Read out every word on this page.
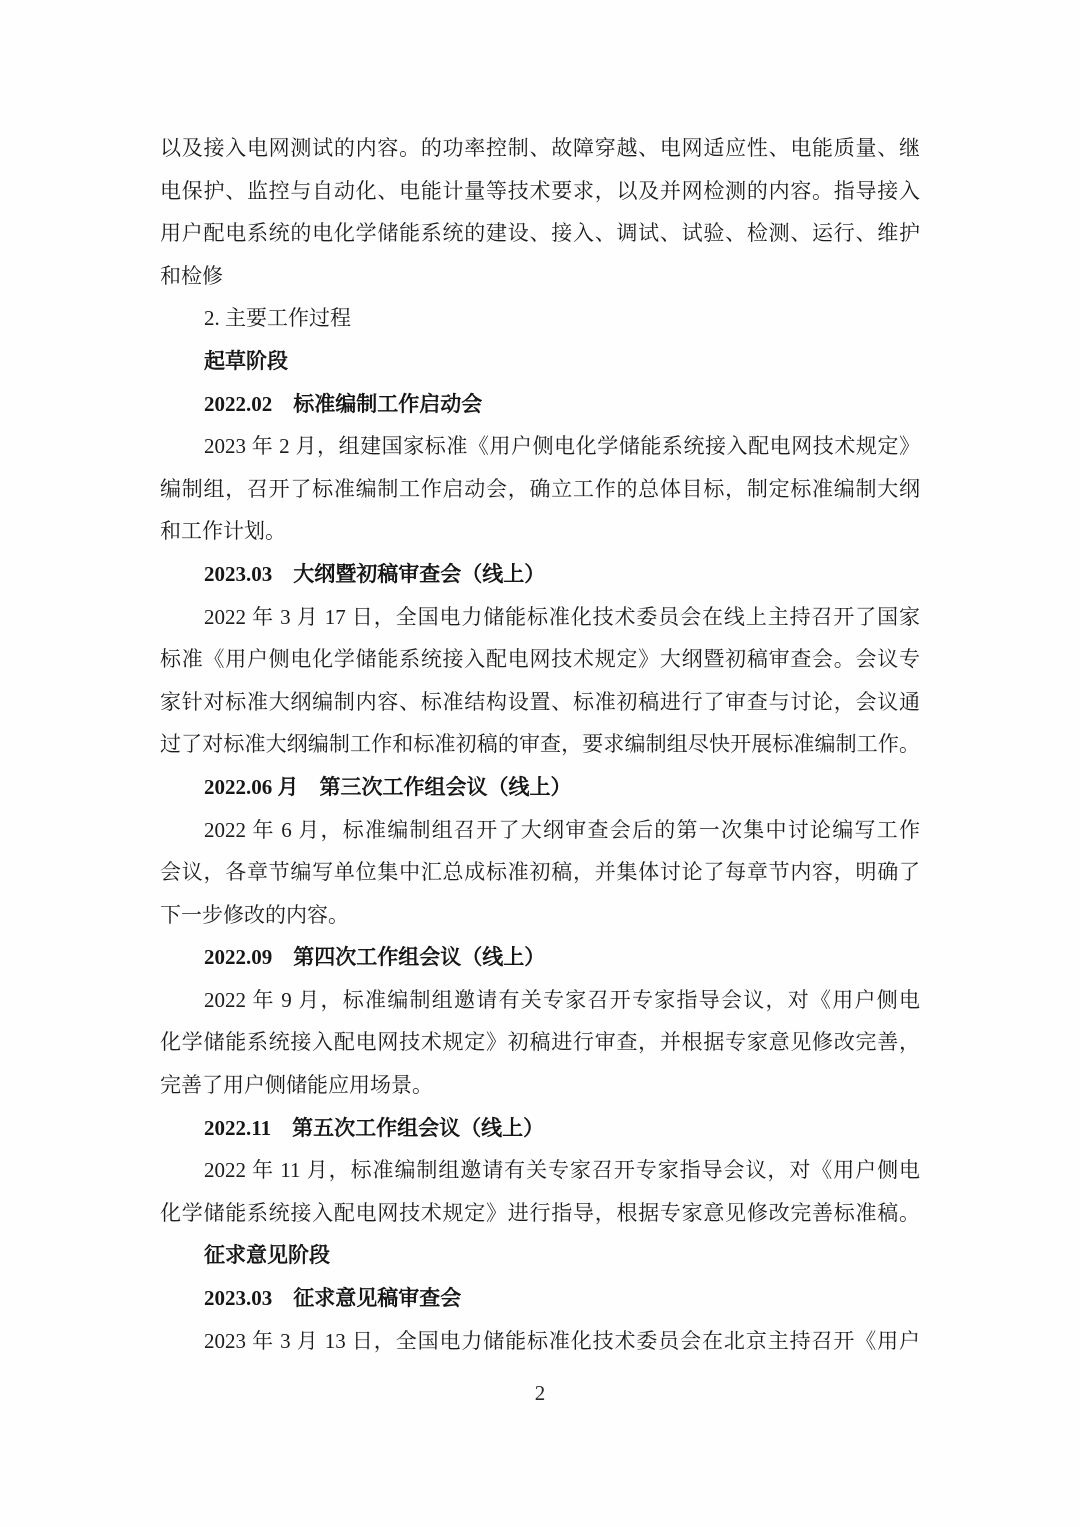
以及接入电网测试的内容。的功率控制、故障穿越、电网适应性、电能质量、继
电保护、监控与自动化、电能计量等技术要求，以及并网检测的内容。指导接入
用户配电系统的电化学储能系统的建设、接入、调试、试验、检测、运行、维护
和检修
2. 主要工作过程
起草阶段
2022.02　标准编制工作启动会
2023 年 2 月，组建国家标准《用户侧电化学储能系统接入配电网技术规定》
编制组，召开了标准编制工作启动会，确立工作的总体目标，制定标准编制大纲
和工作计划。
2023.03　大纲暨初稿审查会（线上）
2022 年 3 月 17 日，全国电力储能标准化技术委员会在线上主持召开了国家
标准《用户侧电化学储能系统接入配电网技术规定》大纲暨初稿审查会。会议专
家针对标准大纲编制内容、标准结构设置、标准初稿进行了审查与讨论，会议通
过了对标准大纲编制工作和标准初稿的审查，要求编制组尽快开展标准编制工作。
2022.06 月　第三次工作组会议（线上）
2022 年 6 月，标准编制组召开了大纲审查会后的第一次集中讨论编写工作
会议，各章节编写单位集中汇总成标准初稿，并集体讨论了每章节内容，明确了
下一步修改的内容。
2022.09　第四次工作组会议（线上）
2022 年 9 月，标准编制组邀请有关专家召开专家指导会议，对《用户侧电
化学储能系统接入配电网技术规定》初稿进行审查，并根据专家意见修改完善，
完善了用户侧储能应用场景。
2022.11　第五次工作组会议（线上）
2022 年 11 月，标准编制组邀请有关专家召开专家指导会议，对《用户侧电
化学储能系统接入配电网技术规定》进行指导，根据专家意见修改完善标准稿。
征求意见阶段
2023.03　征求意见稿审查会
2023 年 3 月 13 日，全国电力储能标准化技术委员会在北京主持召开《用户
2
